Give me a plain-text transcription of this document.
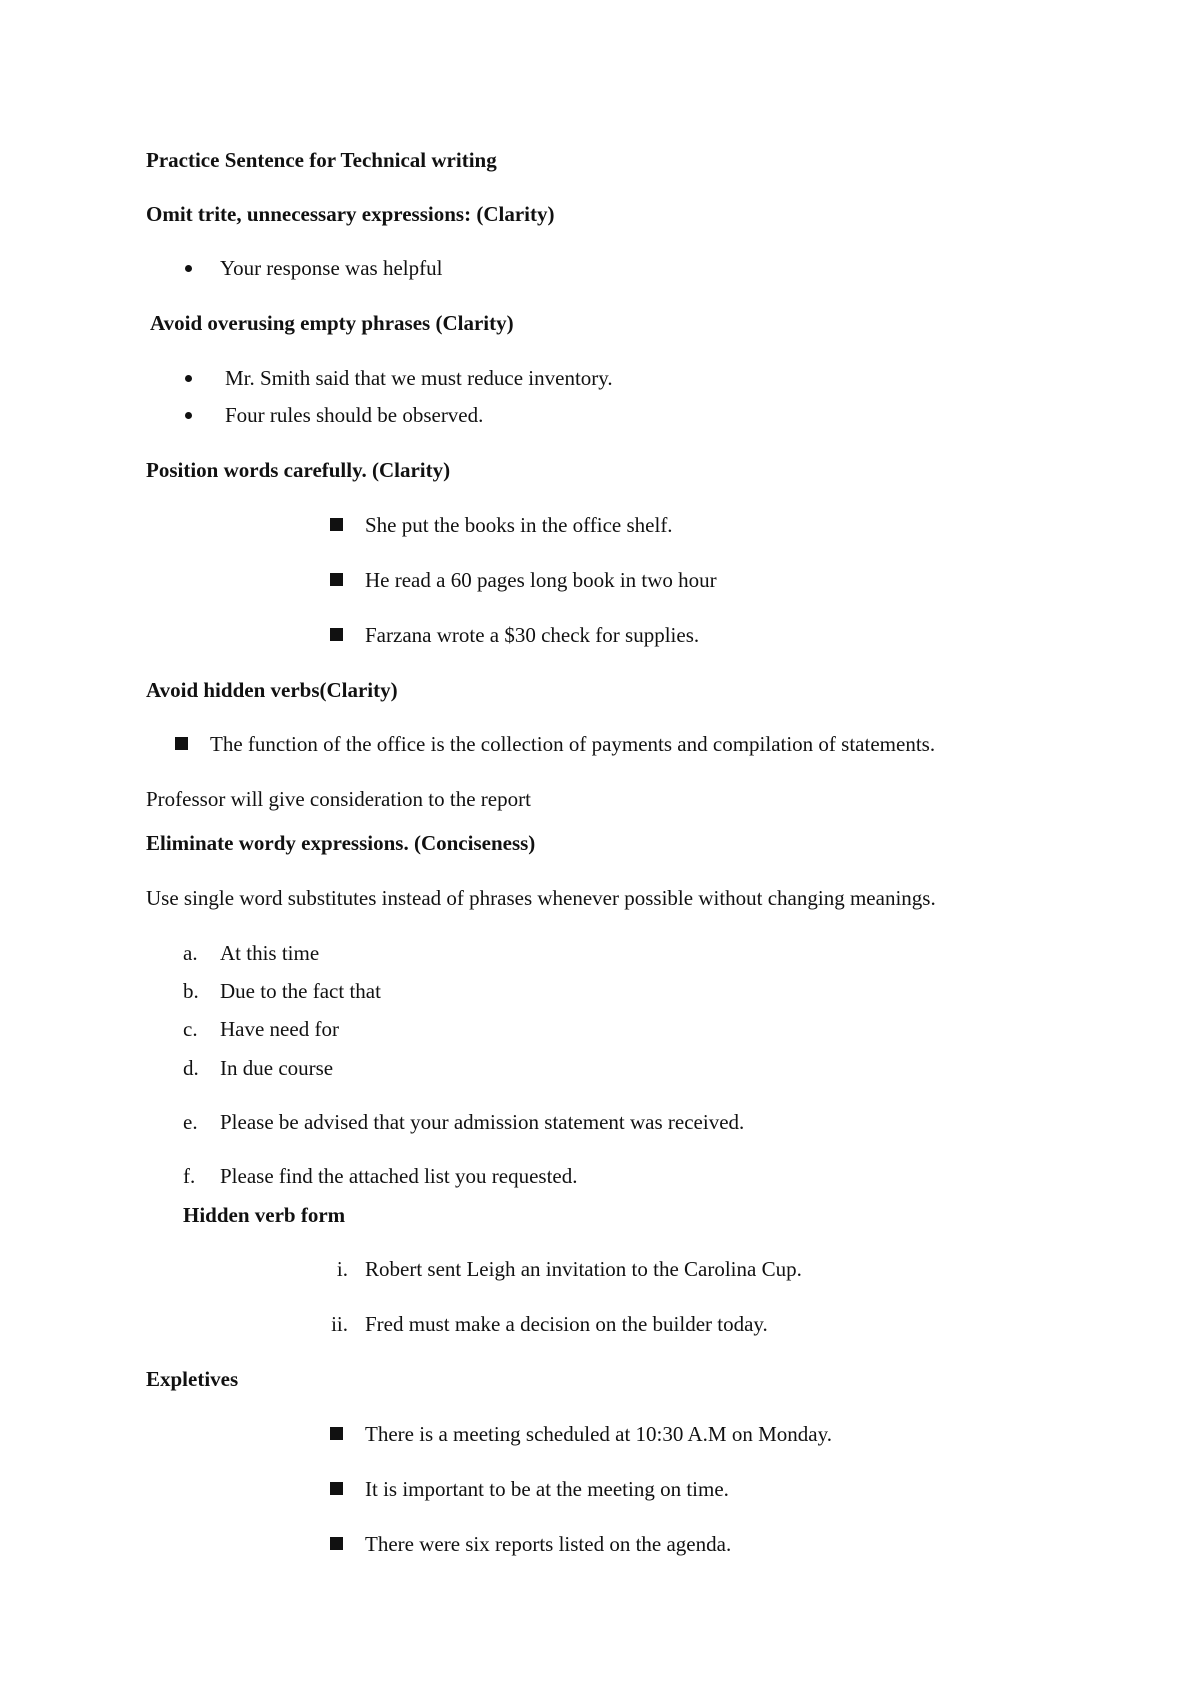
Practice Sentence for Technical writing
Omit trite, unnecessary expressions: (Clarity)
Your response was helpful
Avoid overusing empty phrases (Clarity)
Mr. Smith said that we must reduce inventory.
Four rules should be observed.
Position words carefully. (Clarity)
She put the books in the office shelf.
He read a 60 pages long book in two hour
Farzana wrote a $30 check for supplies.
Avoid hidden verbs(Clarity)
The function of the office is the collection of payments and compilation of statements.
Professor will give consideration to the report
Eliminate wordy expressions. (Conciseness)
Use single word substitutes instead of phrases whenever possible without changing meanings.
a. At this time
b. Due to the fact that
c. Have need for
d. In due course
e. Please be advised that your admission statement was received.
f. Please find the attached list you requested.
Hidden verb form
i. Robert sent Leigh an invitation to the Carolina Cup.
ii. Fred must make a decision on the builder today.
Expletives
There is a meeting scheduled at 10:30 A.M on Monday.
It is important to be at the meeting on time.
There were six reports listed on the agenda.
